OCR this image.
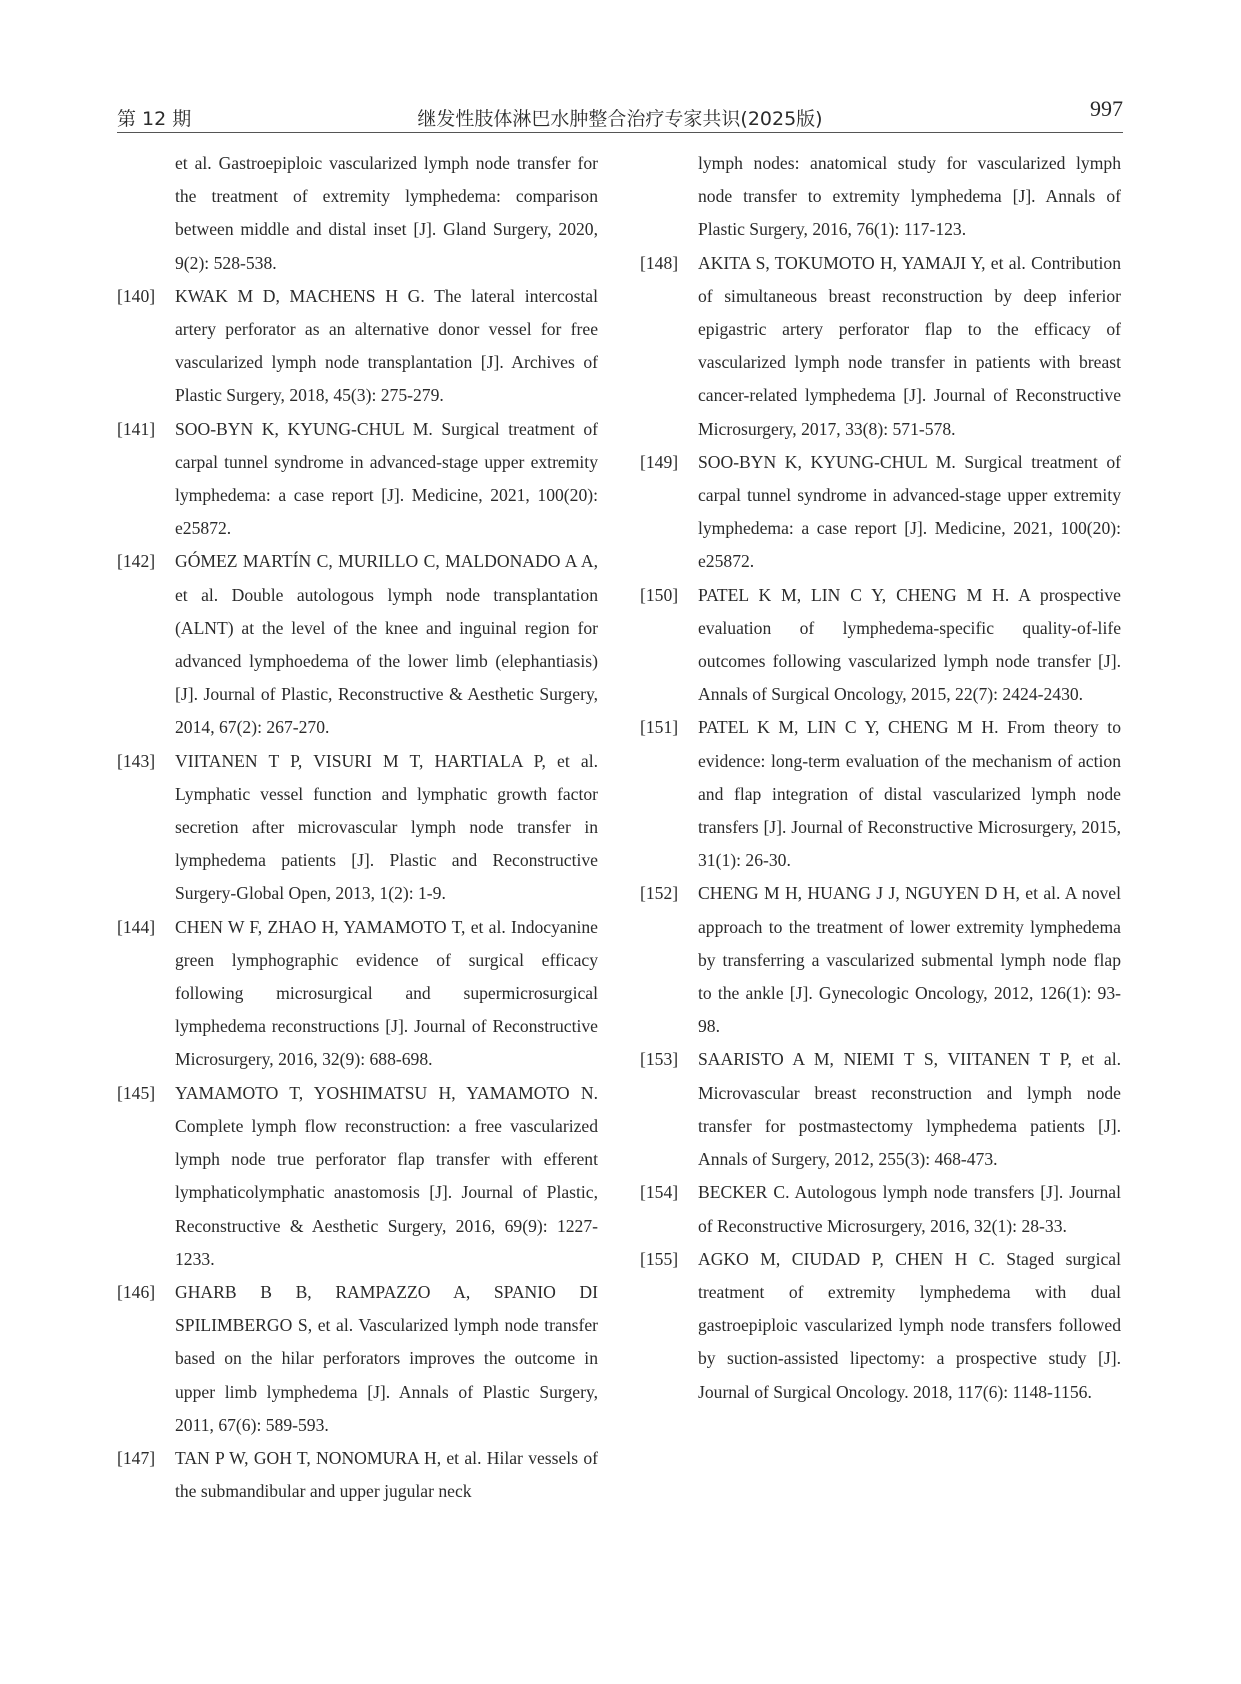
第 12 期	继发性肢体淋巴水肿整合治疗专家共识(2025版)	997
et al. Gastroepiploic vascularized lymph node transfer for the treatment of extremity lymphedema: comparison between middle and distal inset [J]. Gland Surgery, 2020, 9(2): 528-538.
[140] KWAK M D, MACHENS H G. The lateral intercostal artery perforator as an alternative donor vessel for free vascularized lymph node transplantation [J]. Archives of Plastic Surgery, 2018, 45(3): 275-279.
[141] SOO-BYN K, KYUNG-CHUL M. Surgical treatment of carpal tunnel syndrome in advanced-stage upper extremity lymphedema: a case report [J]. Medicine, 2021, 100(20): e25872.
[142] GÓMEZ MARTÍN C, MURILLO C, MALDONADO A A, et al. Double autologous lymph node transplantation (ALNT) at the level of the knee and inguinal region for advanced lymphoedema of the lower limb (elephantiasis) [J]. Journal of Plastic, Reconstructive & Aesthetic Surgery, 2014, 67(2): 267-270.
[143] VIITANEN T P, VISURI M T, HARTIALA P, et al. Lymphatic vessel function and lymphatic growth factor secretion after microvascular lymph node transfer in lymphedema patients [J]. Plastic and Reconstructive Surgery-Global Open, 2013, 1(2): 1-9.
[144] CHEN W F, ZHAO H, YAMAMOTO T, et al. Indocyanine green lymphographic evidence of surgical efficacy following microsurgical and supermicrosurgical lymphedema reconstructions [J]. Journal of Reconstructive Microsurgery, 2016, 32(9): 688-698.
[145] YAMAMOTO T, YOSHIMATSU H, YAMAMOTO N. Complete lymph flow reconstruction: a free vascularized lymph node true perforator flap transfer with efferent lymphaticolymphatic anastomosis [J]. Journal of Plastic, Reconstructive & Aesthetic Surgery, 2016, 69(9): 1227-1233.
[146] GHARB B B, RAMPAZZO A, SPANIO DI SPILIMBERGO S, et al. Vascularized lymph node transfer based on the hilar perforators improves the outcome in upper limb lymphedema [J]. Annals of Plastic Surgery, 2011, 67(6): 589-593.
[147] TAN P W, GOH T, NONOMURA H, et al. Hilar vessels of the submandibular and upper jugular neck
lymph nodes: anatomical study for vascularized lymph node transfer to extremity lymphedema [J]. Annals of Plastic Surgery, 2016, 76(1): 117-123.
[148] AKITA S, TOKUMOTO H, YAMAJI Y, et al. Contribution of simultaneous breast reconstruction by deep inferior epigastric artery perforator flap to the efficacy of vascularized lymph node transfer in patients with breast cancer-related lymphedema [J]. Journal of Reconstructive Microsurgery, 2017, 33(8): 571-578.
[149] SOO-BYN K, KYUNG-CHUL M. Surgical treatment of carpal tunnel syndrome in advanced-stage upper extremity lymphedema: a case report [J]. Medicine, 2021, 100(20): e25872.
[150] PATEL K M, LIN C Y, CHENG M H. A prospective evaluation of lymphedema-specific quality-of-life outcomes following vascularized lymph node transfer [J]. Annals of Surgical Oncology, 2015, 22(7): 2424-2430.
[151] PATEL K M, LIN C Y, CHENG M H. From theory to evidence: long-term evaluation of the mechanism of action and flap integration of distal vascularized lymph node transfers [J]. Journal of Reconstructive Microsurgery, 2015, 31(1): 26-30.
[152] CHENG M H, HUANG J J, NGUYEN D H, et al. A novel approach to the treatment of lower extremity lymphedema by transferring a vascularized submental lymph node flap to the ankle [J]. Gynecologic Oncology, 2012, 126(1): 93-98.
[153] SAARISTO A M, NIEMI T S, VIITANEN T P, et al. Microvascular breast reconstruction and lymph node transfer for postmastectomy lymphedema patients [J]. Annals of Surgery, 2012, 255(3): 468-473.
[154] BECKER C. Autologous lymph node transfers [J]. Journal of Reconstructive Microsurgery, 2016, 32(1): 28-33.
[155] AGKO M, CIUDAD P, CHEN H C. Staged surgical treatment of extremity lymphedema with dual gastroepiploic vascularized lymph node transfers followed by suction-assisted lipectomy: a prospective study [J]. Journal of Surgical Oncology. 2018, 117(6): 1148-1156.
